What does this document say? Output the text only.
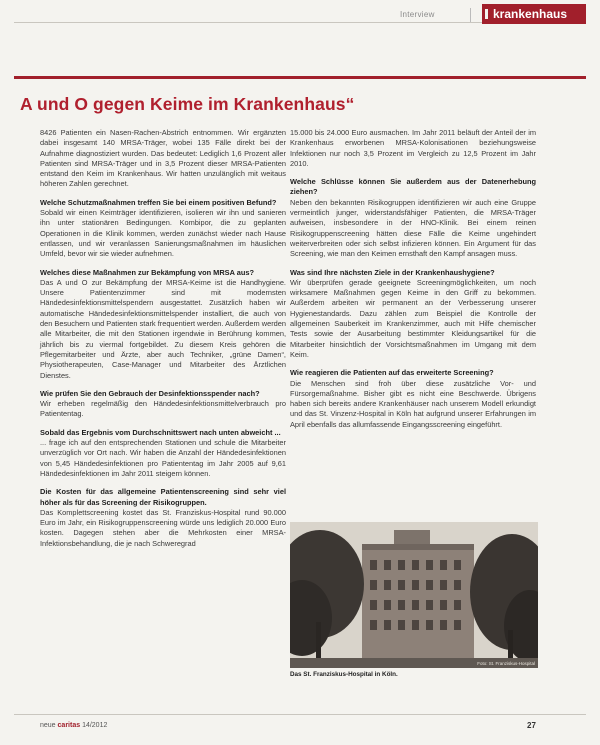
Interview	krankenhaus
A und O gegen Keime im Krankenhaus“

8426 Patienten ein Nasen-Rachen-Abstrich entnommen. Wir ergänzten dabei insgesamt 140 MRSA-Träger, wobei 135 Fälle direkt bei der Aufnahme diagnostiziert wurden. Das bedeutet: Lediglich 1,6 Prozent aller Patienten sind MRSA-Träger und in 3,5 Prozent dieser MRSA-Patienten entstand den Keim im Krankenhaus. Wir hatten unzulänglich mit weitaus höheren Zahlen gerechnet.

Welche Schutzmaßnahmen treffen Sie bei einem positiven Befund?

Sobald wir einen Keimträger identifizieren, isolieren wir ihn und sanieren ihn unter stationären Bedingungen. Kombipor, die zu geplanten Operationen in die Klinik kommen, werden zunächst wieder nach Hause entlassen, und wir veranlassen Sanierungsmaßnahmen im häuslichen Umfeld, bevor wir sie wieder aufnehmen.

Welches diese Maßnahmen zur Bekämpfung von MRSA aus?

Das A und O zur Bekämpfung der MRSA-Keime ist die Handhygiene. Unsere Patientenzimmer sind mit modernsten Händedesinfektionsmittelspendern ausgestattet. Zusätzlich haben wir automatische Händedesinfektionsmittelspender installiert, die auch von den Besuchern und Patienten stark frequentiert werden. Außerdem werden alle Mitarbeiter, die mit den Stationen irgendwie in Berührung kommen, jährlich bis zu viermal fortgebildet. Zu diesem Kreis gehören die Pflegemitarbeiter und Ärzte, aber auch Techniker, „grüne Damen“, Physiotherapeuten, Case-Manager und Mitarbeiter des Ärztlichen Dienstes.

Wie prüfen Sie den Gebrauch der Desinfektionsspender nach?

Wir erheben regelmäßig den Händedesinfektionsmittelverbrauch pro Patiententag.

Sobald das Ergebnis vom Durchschnittswert nach unten abweicht ...

... frage ich auf den entsprechenden Stationen und schule die Mitarbeiter unverzüglich vor Ort nach. Wir haben die Anzahl der Händedesinfektionen von 5,45 Händedesinfektionen pro Patiententag im Jahr 2005 auf 9,61 Händedesinfektionen im Jahr 2011 steigern können.

Die Kosten für das allgemeine Patientenscreening sind sehr viel höher als für das Screening der Risikogruppen.

Das Komplettscreening kostet das St. Franziskus-Hospital rund 90.000 Euro im Jahr, ein Risikogruppenscreening würde uns lediglich 20.000 Euro kosten. Dagegen stehen aber die Mehrkosten einer MRSA-Infektionsbehandlung, die je nach Schweregrad

15.000 bis 24.000 Euro ausmachen. Im Jahr 2011 beläuft der Anteil der im Krankenhaus erworbenen MRSA-Kolonisationen beziehungsweise Infektionen nur noch 3,5 Prozent im Vergleich zu 12,5 Prozent im Jahr 2010.

Welche Schlüsse können Sie außerdem aus der Datenerhebung ziehen?

Neben den bekannten Risikogruppen identifizieren wir auch eine Gruppe vermeintlich junger, widerstandsfähiger Patienten, die MRSA-Träger aufweisen, insbesondere in der HNO-Klinik. Bei einem reinen Risikogruppenscreening hätten diese Fälle die Keime ungehindert weiterverbreiten oder sich selbst infizieren können. Ein Argument für das Screening, wie man den Keimen ernsthaft den Kampf ansagen muss.

Was sind Ihre nächsten Ziele in der Krankenhaushygiene?

Wir überprüfen gerade geeignete Screeningmöglichkeiten, um noch wirksamere Maßnahmen gegen Keime in den Griff zu bekommen. Außerdem arbeiten wir permanent an der Verbesserung unserer Hygienestandards. Dazu zählen zum Beispiel die Kontrolle der allgemeinen Sauberkeit im Krankenzimmer, auch mit Hilfe chemischer Tests sowie der Ausarbeitung bestimmter Kleidungsartikel für die Mitarbeiter hinsichtlich der Vorsichtsmaßnahmen im Umgang mit dem Keim.

Wie reagieren die Patienten auf das erweiterte Screening?

Die Menschen sind froh über diese zusätzliche Vor- und Fürsorgemaßnahme. Bisher gibt es nicht eine Beschwerde. Übrigens haben sich bereits andere Krankenhäuser nach unserem Modell erkundigt und das St. Vinzenz-Hospital in Köln hat aufgrund unserer Erfahrungen im April ebenfalls das allumfassende Eingangsscreening eingeführt.

Foto: St. Franziskus-Hospital
Das St. Franziskus-Hospital in Köln.
neue caritas 14/2012	27
